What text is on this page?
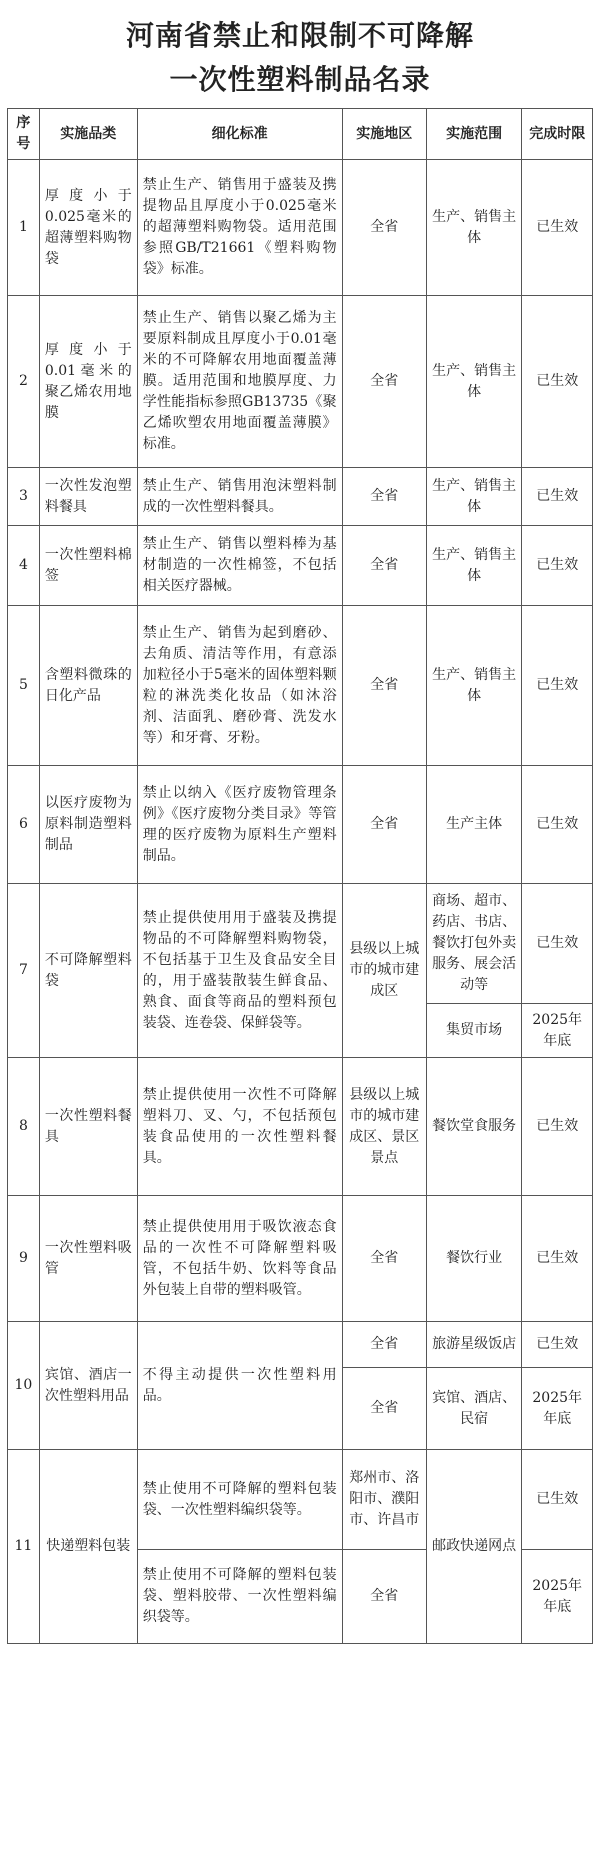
河南省禁止和限制不可降解
一次性塑料制品名录
序号	实施品类	细化标准	实施地区	实施范围	完成时限
1	厚度小于0.025毫米的超薄塑料购物袋	禁止生产、销售用于盛装及携提物品且厚度小于0.025毫米的超薄塑料购物袋。适用范围参照GB/T21661《塑料购物袋》标准。	全省	生产、销售主体	已生效
2	厚度小于0.01毫米的聚乙烯农用地膜	禁止生产、销售以聚乙烯为主要原料制成且厚度小于0.01毫米的不可降解农用地面覆盖薄膜。适用范围和地膜厚度、力学性能指标参照GB13735《聚乙烯吹塑农用地面覆盖薄膜》标准。	全省	生产、销售主体	已生效
3	一次性发泡塑料餐具	禁止生产、销售用泡沫塑料制成的一次性塑料餐具。	全省	生产、销售主体	已生效
4	一次性塑料棉签	禁止生产、销售以塑料棒为基材制造的一次性棉签，不包括相关医疗器械。	全省	生产、销售主体	已生效
5	含塑料微珠的日化产品	禁止生产、销售为起到磨砂、去角质、清洁等作用，有意添加粒径小于5毫米的固体塑料颗粒的淋洗类化妆品（如沐浴剂、洁面乳、磨砂膏、洗发水等）和牙膏、牙粉。	全省	生产、销售主体	已生效
6	以医疗废物为原料制造塑料制品	禁止以纳入《医疗废物管理条例》《医疗废物分类目录》等管理的医疗废物为原料生产塑料制品。	全省	生产主体	已生效
7	不可降解塑料袋	禁止提供使用用于盛装及携提物品的不可降解塑料购物袋，不包括基于卫生及食品安全目的，用于盛装散装生鲜食品、熟食、面食等商品的塑料预包装袋、连卷袋、保鲜袋等。	县级以上城市的城市建成区	商场、超市、药店、书店、餐饮打包外卖服务、展会活动等	已生效
				集贸市场	2025年年底
8	一次性塑料餐具	禁止提供使用一次性不可降解塑料刀、叉、勺，不包括预包装食品使用的一次性塑料餐具。	县级以上城市的城市建成区、景区景点	餐饮堂食服务	已生效
9	一次性塑料吸管	禁止提供使用用于吸饮液态食品的一次性不可降解塑料吸管，不包括牛奶、饮料等食品外包装上自带的塑料吸管。	全省	餐饮行业	已生效
10	宾馆、酒店一次性塑料用品	不得主动提供一次性塑料用品。	全省	旅游星级饭店	已生效
			全省	宾馆、酒店、民宿	2025年年底
11	快递塑料包装	禁止使用不可降解的塑料包装袋、一次性塑料编织袋等。	郑州市、洛阳市、濮阳市、许昌市	邮政快递网点	已生效
		禁止使用不可降解的塑料包装袋、塑料胶带、一次性塑料编织袋等。	全省		2025年年底
